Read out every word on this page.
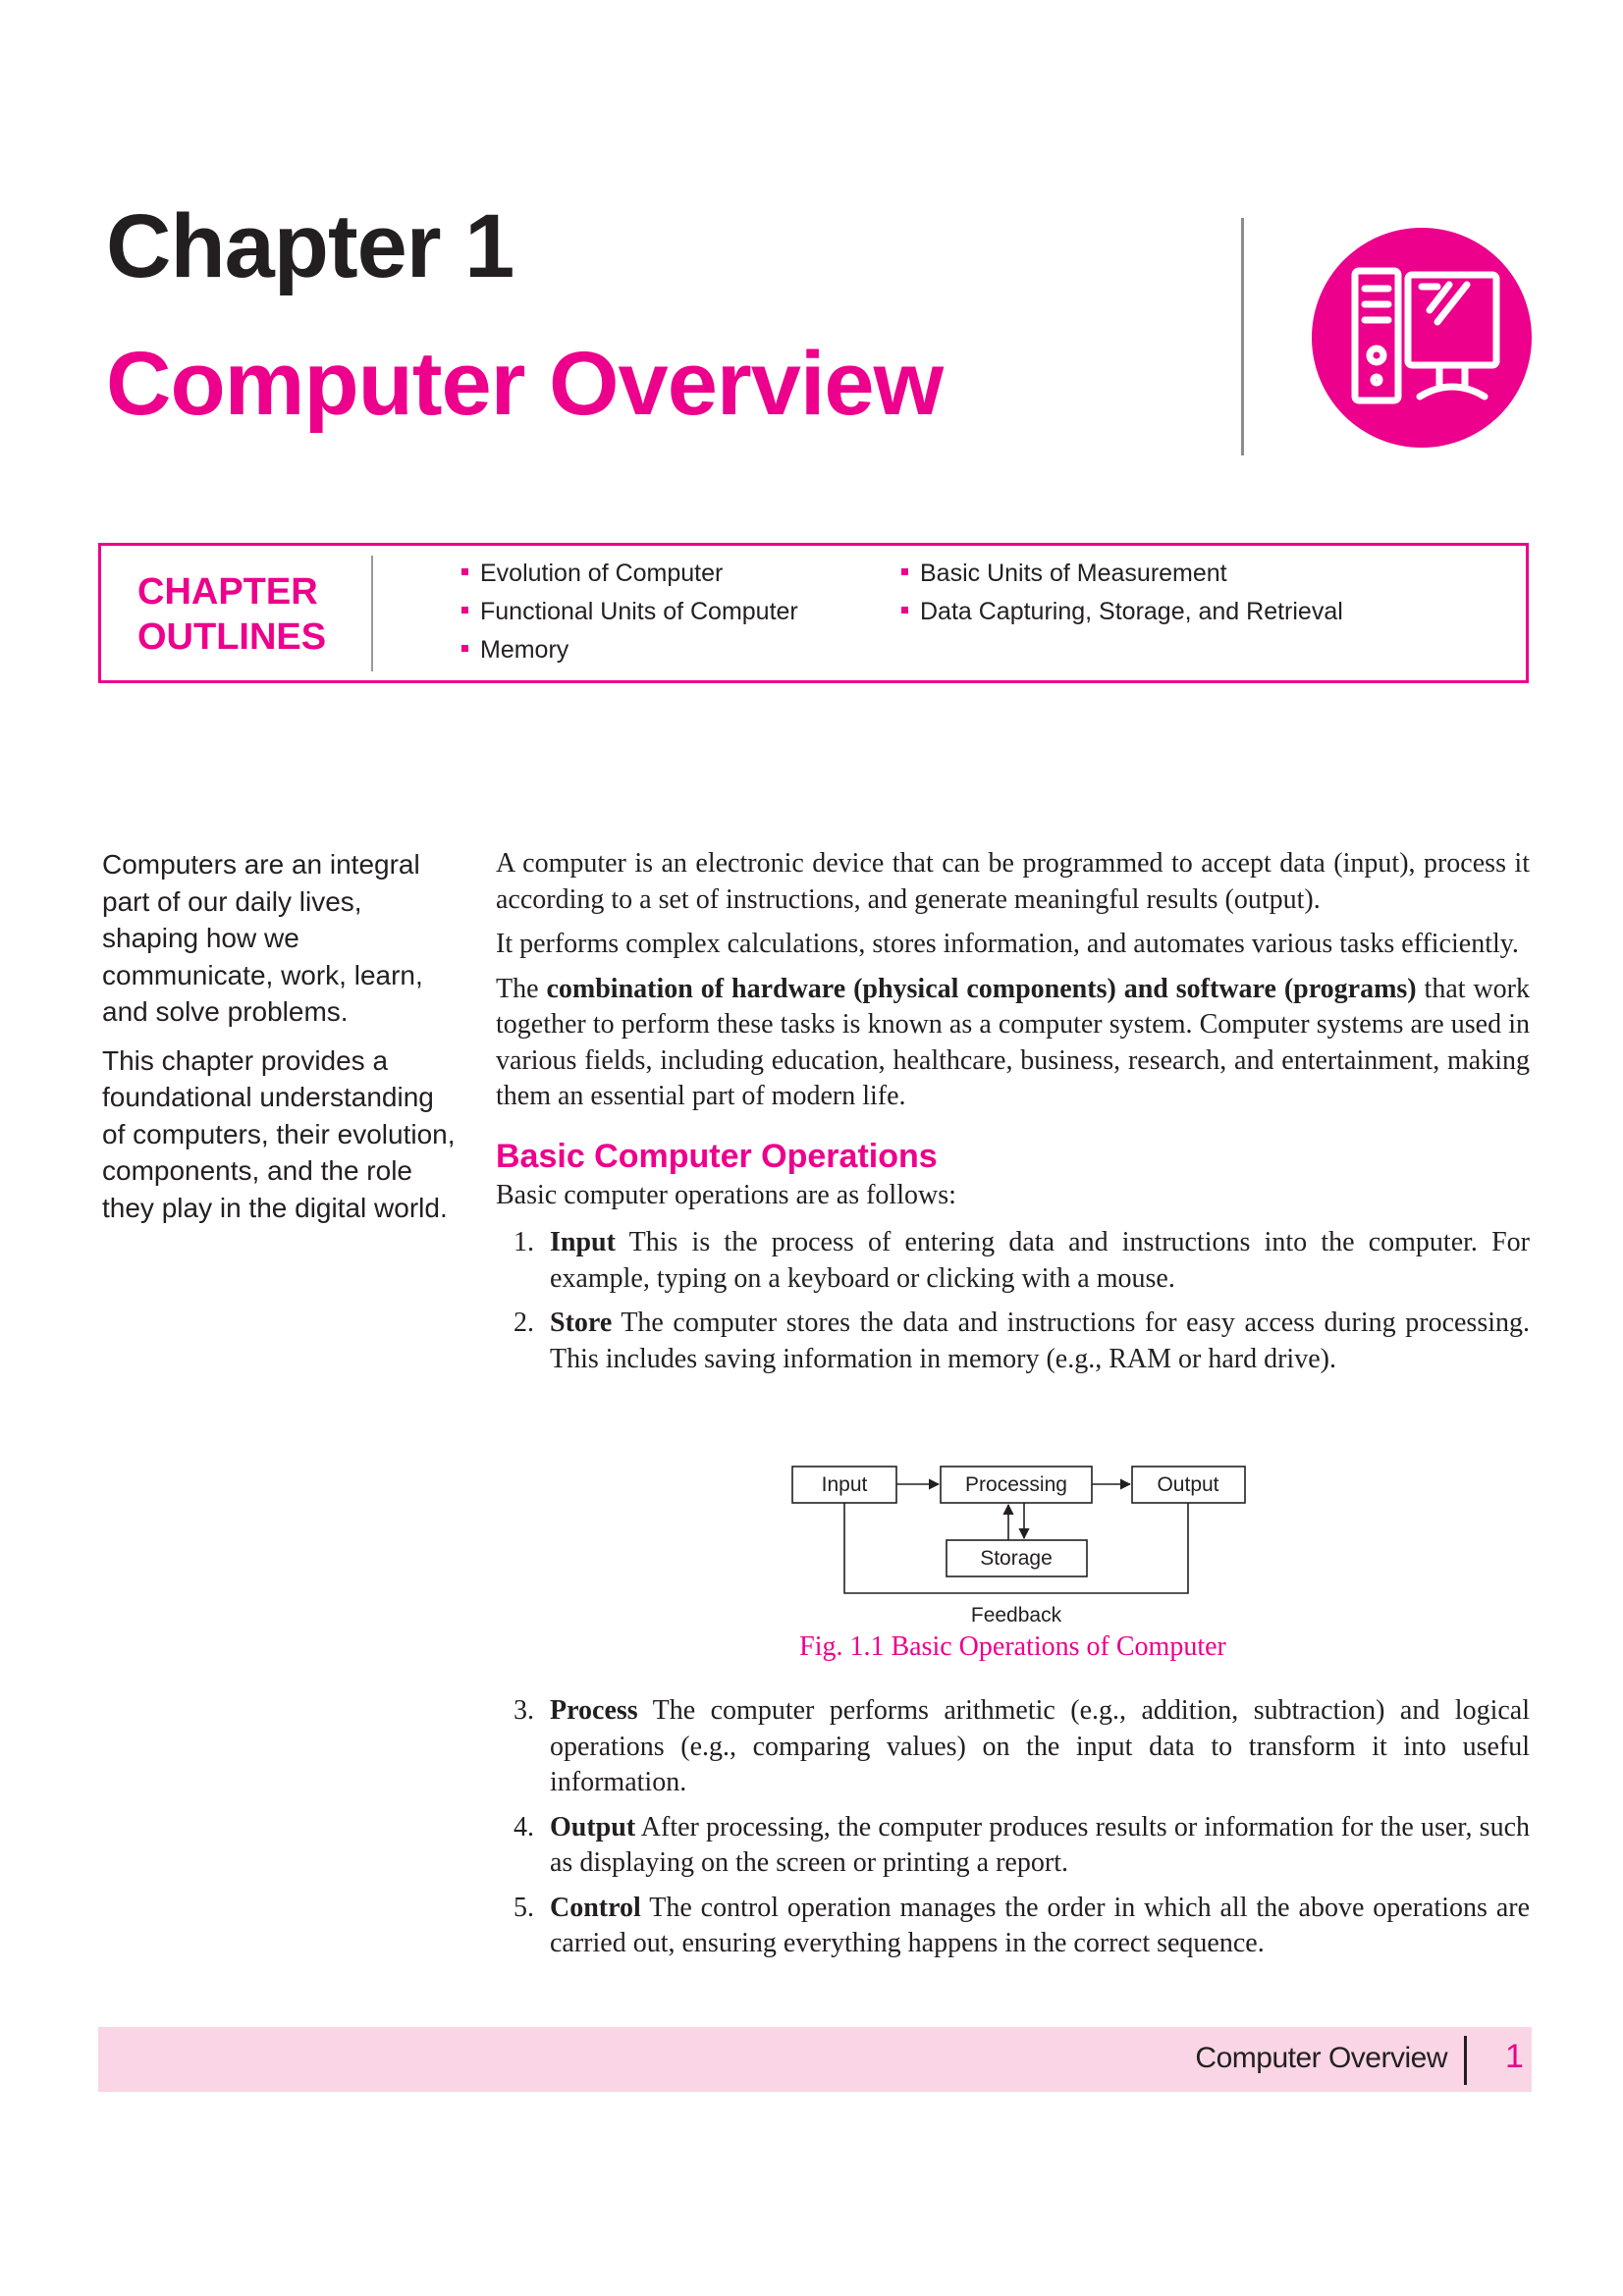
Chapter 1
Computer Overview
CHAPTER
OUTLINES
Evolution of Computer
Functional Units of Computer
Memory
Basic Units of Measurement
Data Capturing, Storage, and Retrieval

Computers are an integral part of our daily lives, shaping how we communicate, work, learn, and solve problems.

This chapter provides a foundational understanding of computers, their evolution, components, and the role they play in the digital world.

A computer is an electronic device that can be programmed to accept data (input), process it according to a set of instructions, and generate meaningful results (output).

It performs complex calculations, stores information, and automates various tasks efficiently.

The combination of hardware (physical components) and software (programs) that work together to perform these tasks is known as a computer system. Computer systems are used in various fields, including education, healthcare, business, research, and entertainment, making them an essential part of modern life.

Basic Computer Operations

Basic computer operations are as follows:

1. Input This is the process of entering data and instructions into the computer. For example, typing on a keyboard or clicking with a mouse.
2. Store The computer stores the data and instructions for easy access during processing. This includes saving information in memory (e.g., RAM or hard drive).
Input	Processing	Output
Storage
Feedback
Fig. 1.1 Basic Operations of Computer
3. Process The computer performs arithmetic (e.g., addition, subtraction) and logical operations (e.g., comparing values) on the input data to transform it into useful information.
4. Output After processing, the computer produces results or information for the user, such as displaying on the screen or printing a report.
5. Control The control operation manages the order in which all the above operations are carried out, ensuring everything happens in the correct sequence.
Computer Overview 1
